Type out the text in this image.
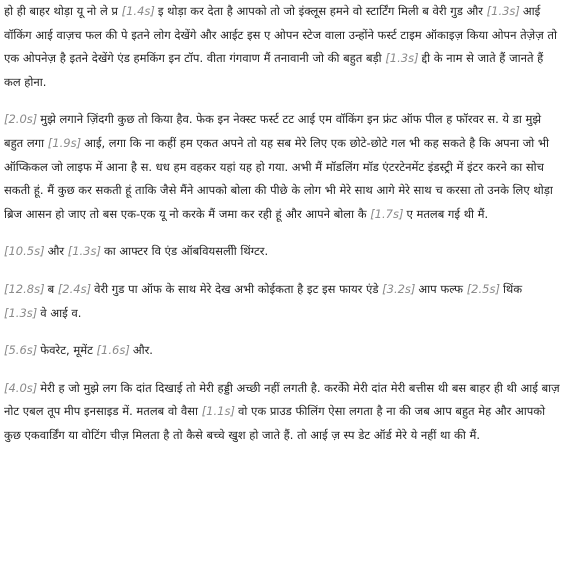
हो ही बाहर थोड़ा यू नो ले प्र [1.4s] इ थोड़ा कर देता है आपको तो जो इंक्लूस हमने वो स्टार्टिंग मिली ब वेरी गुड और [1.3s] आई वॉकिंग आई वाज़च फल की पे इतने लोग देखेंगे और आईट इस ए ओपन स्टेज वाला उन्होंने फर्स्ट टाइम ऑकाइज़ किया ओपन तेज़ेज़ तो एक ओपनेज़ है इतने देखेंगे एंड हमकिंग इन टॉप. वीता गंगवाण मैं तनावानी जो की बहुत बड़ी [1.3s] द्दी के नाम से जाते हैं जानते हैं कल होना.

[2.0s] मुझे लगाने ज़िंदगी कुछ तो किया हैव. फेक इन नेक्स्ट फर्स्ट टट आई एम वॉकिंग इन फ्रंट ऑफ पील ह फॉरवर स. ये डा मुझे बहुत लगा [1.9s] आई, लगा कि ना कहीं हम एकत अपने तो यह सब मेरे लिए एक छोटे-छोटे गल भी कह सकते है कि अपना जो भी ऑप्किकल जो लाइफ में आना है स. धध हम वहकर यहां यह हो गया. अभी मैं मॉडलिंग मॉड एंटरटेनमेंट इंडस्ट्री में इंटर करने का सोच सकती हूं. मैं कुछ कर सकती हूं ताकि जैसे मैंने आपको बोला की पीछे के लोग भी मेरे साथ आगे मेरे साथ च करसा तो उनके लिए थोड़ा ब्रिज आसन हो जाए तो बस एक-एक यू नो करके मैं जमा कर रही हूं और आपने बोला कै [1.7s] ए मतलब गई थी मैं.

[10.5s] और [1.3s] का आफ्टर वि एंड ऑबवियसलीी थिंग्टर.

[12.8s] ब [2.4s] वेरी गुड पा ऑफ के साथ मेरे देख अभी कोईकता है इट इस फायर एंडे [3.2s] आप फल्फ [2.5s] थिंक [1.3s] वे आई व.

[5.6s] फेवरेट, मूमेंट [1.6s] और.

[4.0s] मेरी ह जो मुझे लग कि दांत दिखाई तो मेरी हड्डी अच्छी नहीं लगती है. करकेी मेरी दांत मेरी बत्तीस थी बस बाहर ही थी आई बाज़ नोट एबल तूप मीप इनसाइड में. मतलब वो वैसा [1.1s] वो एक प्राउड फीलिंग ऐसा लगता है ना की जब आप बहुत मेह और आपको कुछ एकवार्डिंग या वोटिंग चीज़ मिलता है तो कैसे बच्चे खुश हो जाते हैं. तो आई ज़ स्प डेट ऑर्ड मेरे ये नहीं था की मैं.
